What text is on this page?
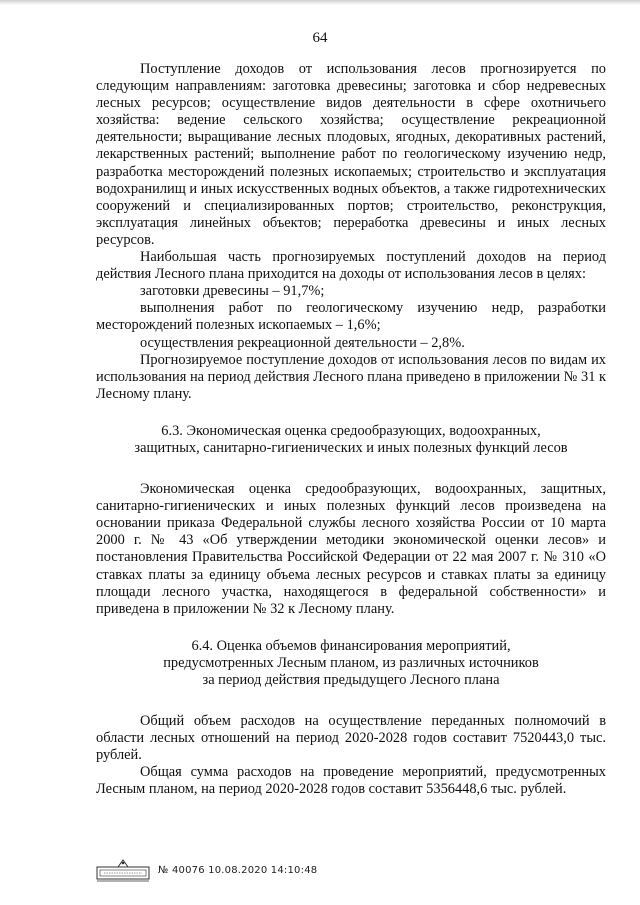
64

Поступление доходов от использования лесов прогнозируется по следующим направлениям: заготовка древесины; заготовка и сбор недревесных лесных ресурсов; осуществление видов деятельности в сфере охотничьего хозяйства: ведение сельского хозяйства; осуществление рекреационной деятельности; выращивание лесных плодовых, ягодных, декоративных растений, лекарственных растений; выполнение работ по геологическому изучению недр, разработка месторождений полезных ископаемых; строительство и эксплуатация водохранилищ и иных искусственных водных объектов, а также гидротехнических сооружений и специализированных портов; строительство, реконструкция, эксплуатация линейных объектов; переработка древесины и иных лесных ресурсов.

Наибольшая часть прогнозируемых поступлений доходов на период действия Лесного плана приходится на доходы от использования лесов в целях:

заготовки древесины – 91,7%;

выполнения работ по геологическому изучению недр, разработки месторождений полезных ископаемых – 1,6%;

осуществления рекреационной деятельности – 2,8%.

Прогнозируемое поступление доходов от использования лесов по видам их использования на период действия Лесного плана приведено в приложении № 31 к Лесному плану.

6.3. Экономическая оценка средообразующих, водоохранных,
защитных, санитарно-гигиенических и иных полезных функций лесов

Экономическая оценка средообразующих, водоохранных, защитных, санитарно-гигиенических и иных полезных функций лесов произведена на основании приказа Федеральной службы лесного хозяйства России от 10 марта 2000 г. № 43 «Об утверждении методики экономической оценки лесов» и постановления Правительства Российской Федерации от 22 мая 2007 г. № 310 «О ставках платы за единицу объема лесных ресурсов и ставках платы за единицу площади лесного участка, находящегося в федеральной собственности» и приведена в приложении № 32 к Лесному плану.

6.4. Оценка объемов финансирования мероприятий,
предусмотренных Лесным планом, из различных источников
за период действия предыдущего Лесного плана

Общий объем расходов на осуществление переданных полномочий в области лесных отношений на период 2020-2028 годов составит 7520443,0 тыс. рублей.

Общая сумма расходов на проведение мероприятий, предусмотренных Лесным планом, на период 2020-2028 годов составит 5356448,6 тыс. рублей.

№ 40076 10.08.2020 14:10:48
